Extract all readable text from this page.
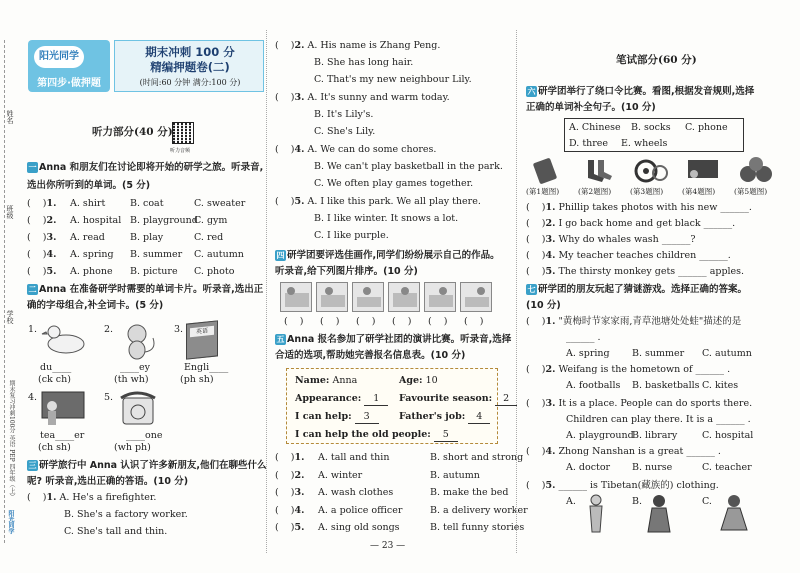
姓名
班级
学校
期末复习冲刺100分 英语 PEP 四年级（上）
阳光同学
阳光同学
第四步·做押题
期末冲刺 100 分
精编押题卷(二)
(时间:60 分钟 满分:100 分)
听力部分(40 分)
听力音频
一 Anna 和朋友们在讨论即将开始的研学之旅。听录音,
选出你所听到的单词。(5 分)
(    )1. A. shirt	B. coat	C. sweater
(    )2. A. hospital B. playground
C. gym
(    )3. A. read	B. play	C. red
(    )4. A. spring B. summer C. autumn
(    )5. A. phone B. picture C. photo
二 Anna 在准备研学时需要的单词卡片。听录音,选出正
确的字母组合,补全词卡。(5 分)
1.
du____
(ck ch)
2.
____ey
(th wh)
3.	英语
Engli____
(ph sh)
4.
tea____er
(ch sh)
5.
____one
(wh ph)
三 研学旅行中 Anna 认识了许多新朋友,他们在聊些什么
呢? 听录音,选出正确的答语。(10 分)
(    )1. A. He's a firefighter.
B. She's a factory worker.
C. She's tall and thin.
(    )2. A. His name is Zhang Peng.
B. She has long hair.
C. That's my new neighbour Lily.
(    )3. A. It's sunny and warm today.
B. It's Lily's.
C. She's Lily.
(    )4. A. We can do some chores.
B. We can't play basketball in the park.
C. We often play games together.
(    )5. A. I like this park. We all play there.
B. I like winter. It snows a lot.
C. I like purple.
四 研学团要评选佳画作,同学们纷纷展示自己的作品。
听录音,给下列图片排序。(10 分)
(    ) (    ) (    ) (    ) (    ) (    )
五 Anna 报名参加了研学社团的演讲比赛。听录音,选择
合适的选项,帮助她完善报名信息表。(10 分)
Name: Anna	Age: 10
Appearance: 1	Favourite season: 2
I can help: 3	Father's job: 4
I can help the old people: 5
(    )1. A. tall and thin	B. short and strong
(    )2. A. winter	B. autumn
(    )3. A. wash clothes	B. make the bed
(    )4. A. a police officer	B. a delivery worker
(    )5. A. sing old songs	B. tell funny stories
— 23 —
笔试部分(60 分)
六 研学团举行了绕口令比赛。看图,根据发音规则,选择
正确的单词补全句子。(10 分)
A. Chinese B. socks C. phone
D. three E. wheels
(第1题图)	(第2题图)	(第3题图)	(第4题图)	(第5题图)
(    )1. Phillip takes photos with his new ______.
(    )2. I go back home and get black ______.
(    )3. Why do whales wash ______?
(    )4. My teacher teaches children ______.
(    )5. The thirsty monkey gets ______ apples.
七 研学团的朋友玩起了猜谜游戏。选择正确的答案。
(10 分)
(    )1. "黄梅时节家家雨,青草池塘处处蛙"描述的是
______ .
A. spring B. summer C. autumn
(    )2. Weifang is the hometown of ______ .
A. footballs B. basketballs C. kites
(    )3. It is a place. People can do sports there.
Children can play there. It is a ______ .
A. playground
B. library	C. hospital
(    )4. Zhong Nanshan is a great ______ .
A. doctor B. nurse	C. teacher
(    )5. ______ is Tibetan(藏族的) clothing.
A.	B.	C.
